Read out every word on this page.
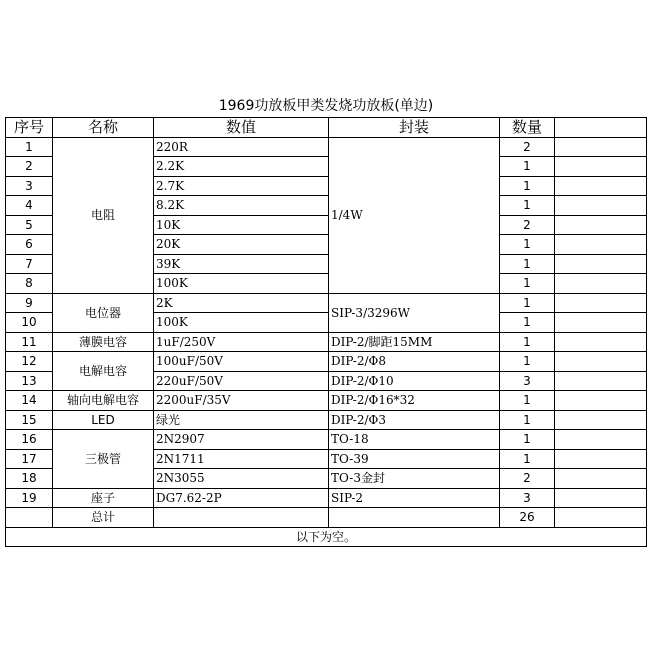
1969功放板甲类发烧功放板(单边)
序号	名称	数值	封装	数量	
1	电阻	220R	1/4W	2	
2		2.2K		1	
3		2.7K		1	
4		8.2K		1	
5		10K		2	
6		20K		1	
7		39K		1	
8		100K		1	
9	电位器	2K	SIP-3/3296W	1	
10		100K		1	
11	薄膜电容	1uF/250V	DIP-2/脚距15MM	1	
12	电解电容	100uF/50V	DIP-2/Φ8	1	
13		220uF/50V	DIP-2/Φ10	3	
14	轴向电解电容	2200uF/35V	DIP-2/Φ16*32	1	
15	LED	绿光	DIP-2/Φ3	1	
16	三极管	2N2907	TO-18	1	
17		2N1711	TO-39	1	
18		2N3055	TO-3金封	2	
19	座子	DG7.62-2P	SIP-2	3	
	总计			26	
以下为空。					
